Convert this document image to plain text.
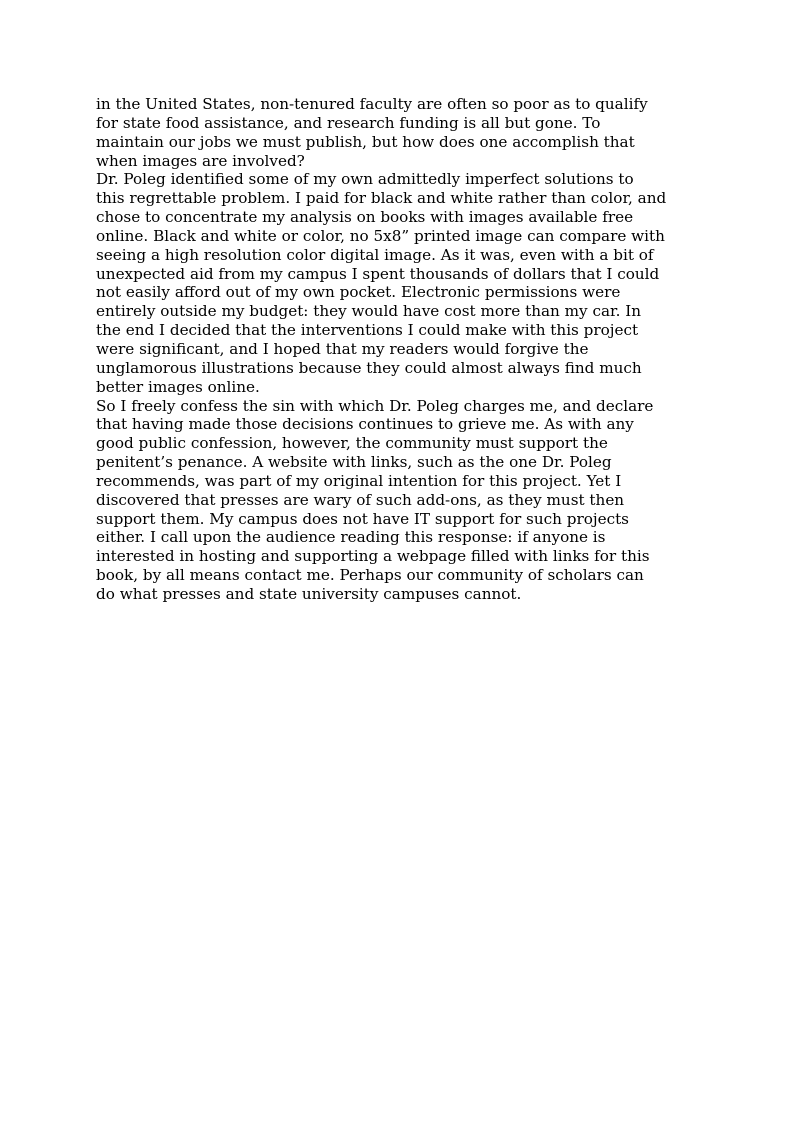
in the United States, non-tenured faculty are often so poor as to qualify
for state food assistance, and research funding is all but gone. To
maintain our jobs we must publish, but how does one accomplish that
when images are involved?
Dr. Poleg identified some of my own admittedly imperfect solutions to
this regrettable problem. I paid for black and white rather than color, and
chose to concentrate my analysis on books with images available free
online. Black and white or color, no 5x8” printed image can compare with
seeing a high resolution color digital image. As it was, even with a bit of
unexpected aid from my campus I spent thousands of dollars that I could
not easily afford out of my own pocket. Electronic permissions were
entirely outside my budget: they would have cost more than my car. In
the end I decided that the interventions I could make with this project
were significant, and I hoped that my readers would forgive the
unglamorous illustrations because they could almost always find much
better images online.
So I freely confess the sin with which Dr. Poleg charges me, and declare
that having made those decisions continues to grieve me. As with any
good public confession, however, the community must support the
penitent’s penance. A website with links, such as the one Dr. Poleg
recommends, was part of my original intention for this project. Yet I
discovered that presses are wary of such add-ons, as they must then
support them. My campus does not have IT support for such projects
either. I call upon the audience reading this response: if anyone is
interested in hosting and supporting a webpage filled with links for this
book, by all means contact me. Perhaps our community of scholars can
do what presses and state university campuses cannot.
